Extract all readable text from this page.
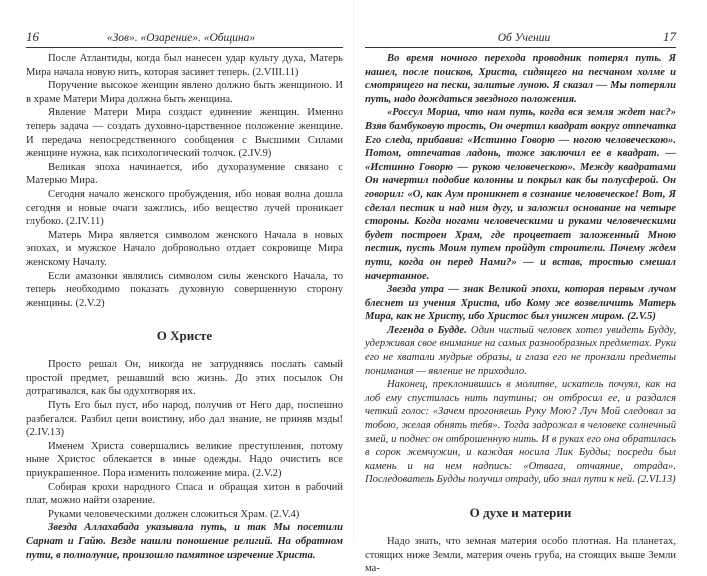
16	«Зов». «Озарение». «Община»

После Атлантиды, когда был нанесен удар культу духа, Матерь Мира начала новую нить, которая засияет теперь. (2.VIII.11)

Поручение высокое женщин явлено должно быть женщиною. И в храме Матери Мира должна быть женщина.

Явление Матери Мира создаст единение женщин. Именно теперь задача — создать духовно-царственное положение женщине. И передача непосредственного сообщения с Высшими Силами женщине нужна, как психологический толчок. (2.IV.9)

Великая эпоха начинается, ибо духоразумение связано с Матерью Мира.

Сегодня начало женского пробуждения, ибо новая волна дошла сегодня и новые очаги зажглись, ибо вещество лучей проникает глубоко. (2.IV.11)

Матерь Мира является символом женского Начала в новых эпохах, и мужское Начало добровольно отдает сокровище Мира женскому Началу.

Если амазонки являлись символом силы женского Начала, то теперь необходимо показать духовную совершенную сторону женщины. (2.V.2)

О Христе

Просто решал Он, никогда не затрудняясь послать самый простой предмет, решавший всю жизнь. До этих посылок Он дотрагивался, как бы одухотворяя их.

Путь Его был пуст, ибо народ, получив от Него дар, поспешно разбегался. Разбил цепи воистину, ибо дал знание, не приняв мзды! (2.IV.13)

Именем Христа совершались великие преступления, потому ныне Христос облекается в иные одежды. Надо очистить все приукрашенное. Пора изменить положение мира. (2.V.2)

Собирая крохи народного Спаса и обращая хитон в рабочий плат, можно найти озарение.

Руками человеческими должен сложиться Храм. (2.V.4)

Звезда Аллахабада указывала путь, и так Мы посетили Сарнат и Гайю. Везде нашли поношение религий. На обратном пути, в полнолуние, произошло памятное изречение Христа.

Об Учении	17

Во время ночного перехода проводник потерял путь. Я нашел, после поисков, Христа, сидящего на песчаном холме и смотрящего на пески, залитые луною. Я сказал — Мы потеряли путь, надо дождаться звездного положения.

«Россул Мориа, что нам путь, когда вся земля ждет нас?» Взяв бамбуковую трость, Он очертил квадрат вокруг отпечатка Его следа, прибавив: «Истинно Говорю — ногою человеческою». Потом, отпечатав ладонь, тоже заключил ее в квадрат. — «Истинно Говорю — рукою человеческою». Между квадратами Он начертил подобие колонны и покрыл как бы полусферой. Он говорил: «О, как Аум проникнет в сознание человеческое! Вот, Я сделал пестик и над ним дугу, и заложил основание на четыре стороны. Когда ногами человеческими и руками человеческими будет построен Храм, где процветает заложенный Мною пестик, пусть Моим путем пройдут строители. Почему ждем пути, когда он перед Нами?» — и встав, тростью смешал начертанное.

Звезда утра — знак Великой эпохи, которая первым лучом блеснет из учения Христа, ибо Кому же возвеличить Матерь Мира, как не Христу, ибо Христос был унижен миром. (2.V.5)

Легенда о Будде. Один чистый человек хотел увидеть Будду, удерживая свое внимание на самых разнообразных предметах. Руки его не хватали мудрые образы, и глаза его не пронзали предметы понимания — явление не приходило.

Наконец, преклонившись в молитве, искатель почуял, как на лоб ему спустилась нить паутины; он отбросил ее, и раздался четкий голос: «Зачем прогоняешь Руку Мою? Луч Мой следовал за тобою, желая обнять тебя». Тогда задрожал в человеке солнечный змей, и поднес он отброшенную нить. И в руках его она обратилась в сорок жемчужин, и каждая носила Лик Будды; посреди был камень и на нем надпись: «Отвага, отчаяние, отрада». Последователь Будды получил отраду, ибо знал пути к ней. (2.VI.13)

О духе и материи

Надо знать, что земная материя особо плотная. На планетах, стоящих ниже Земли, материя очень груба, на стоящих выше Земли ма-
